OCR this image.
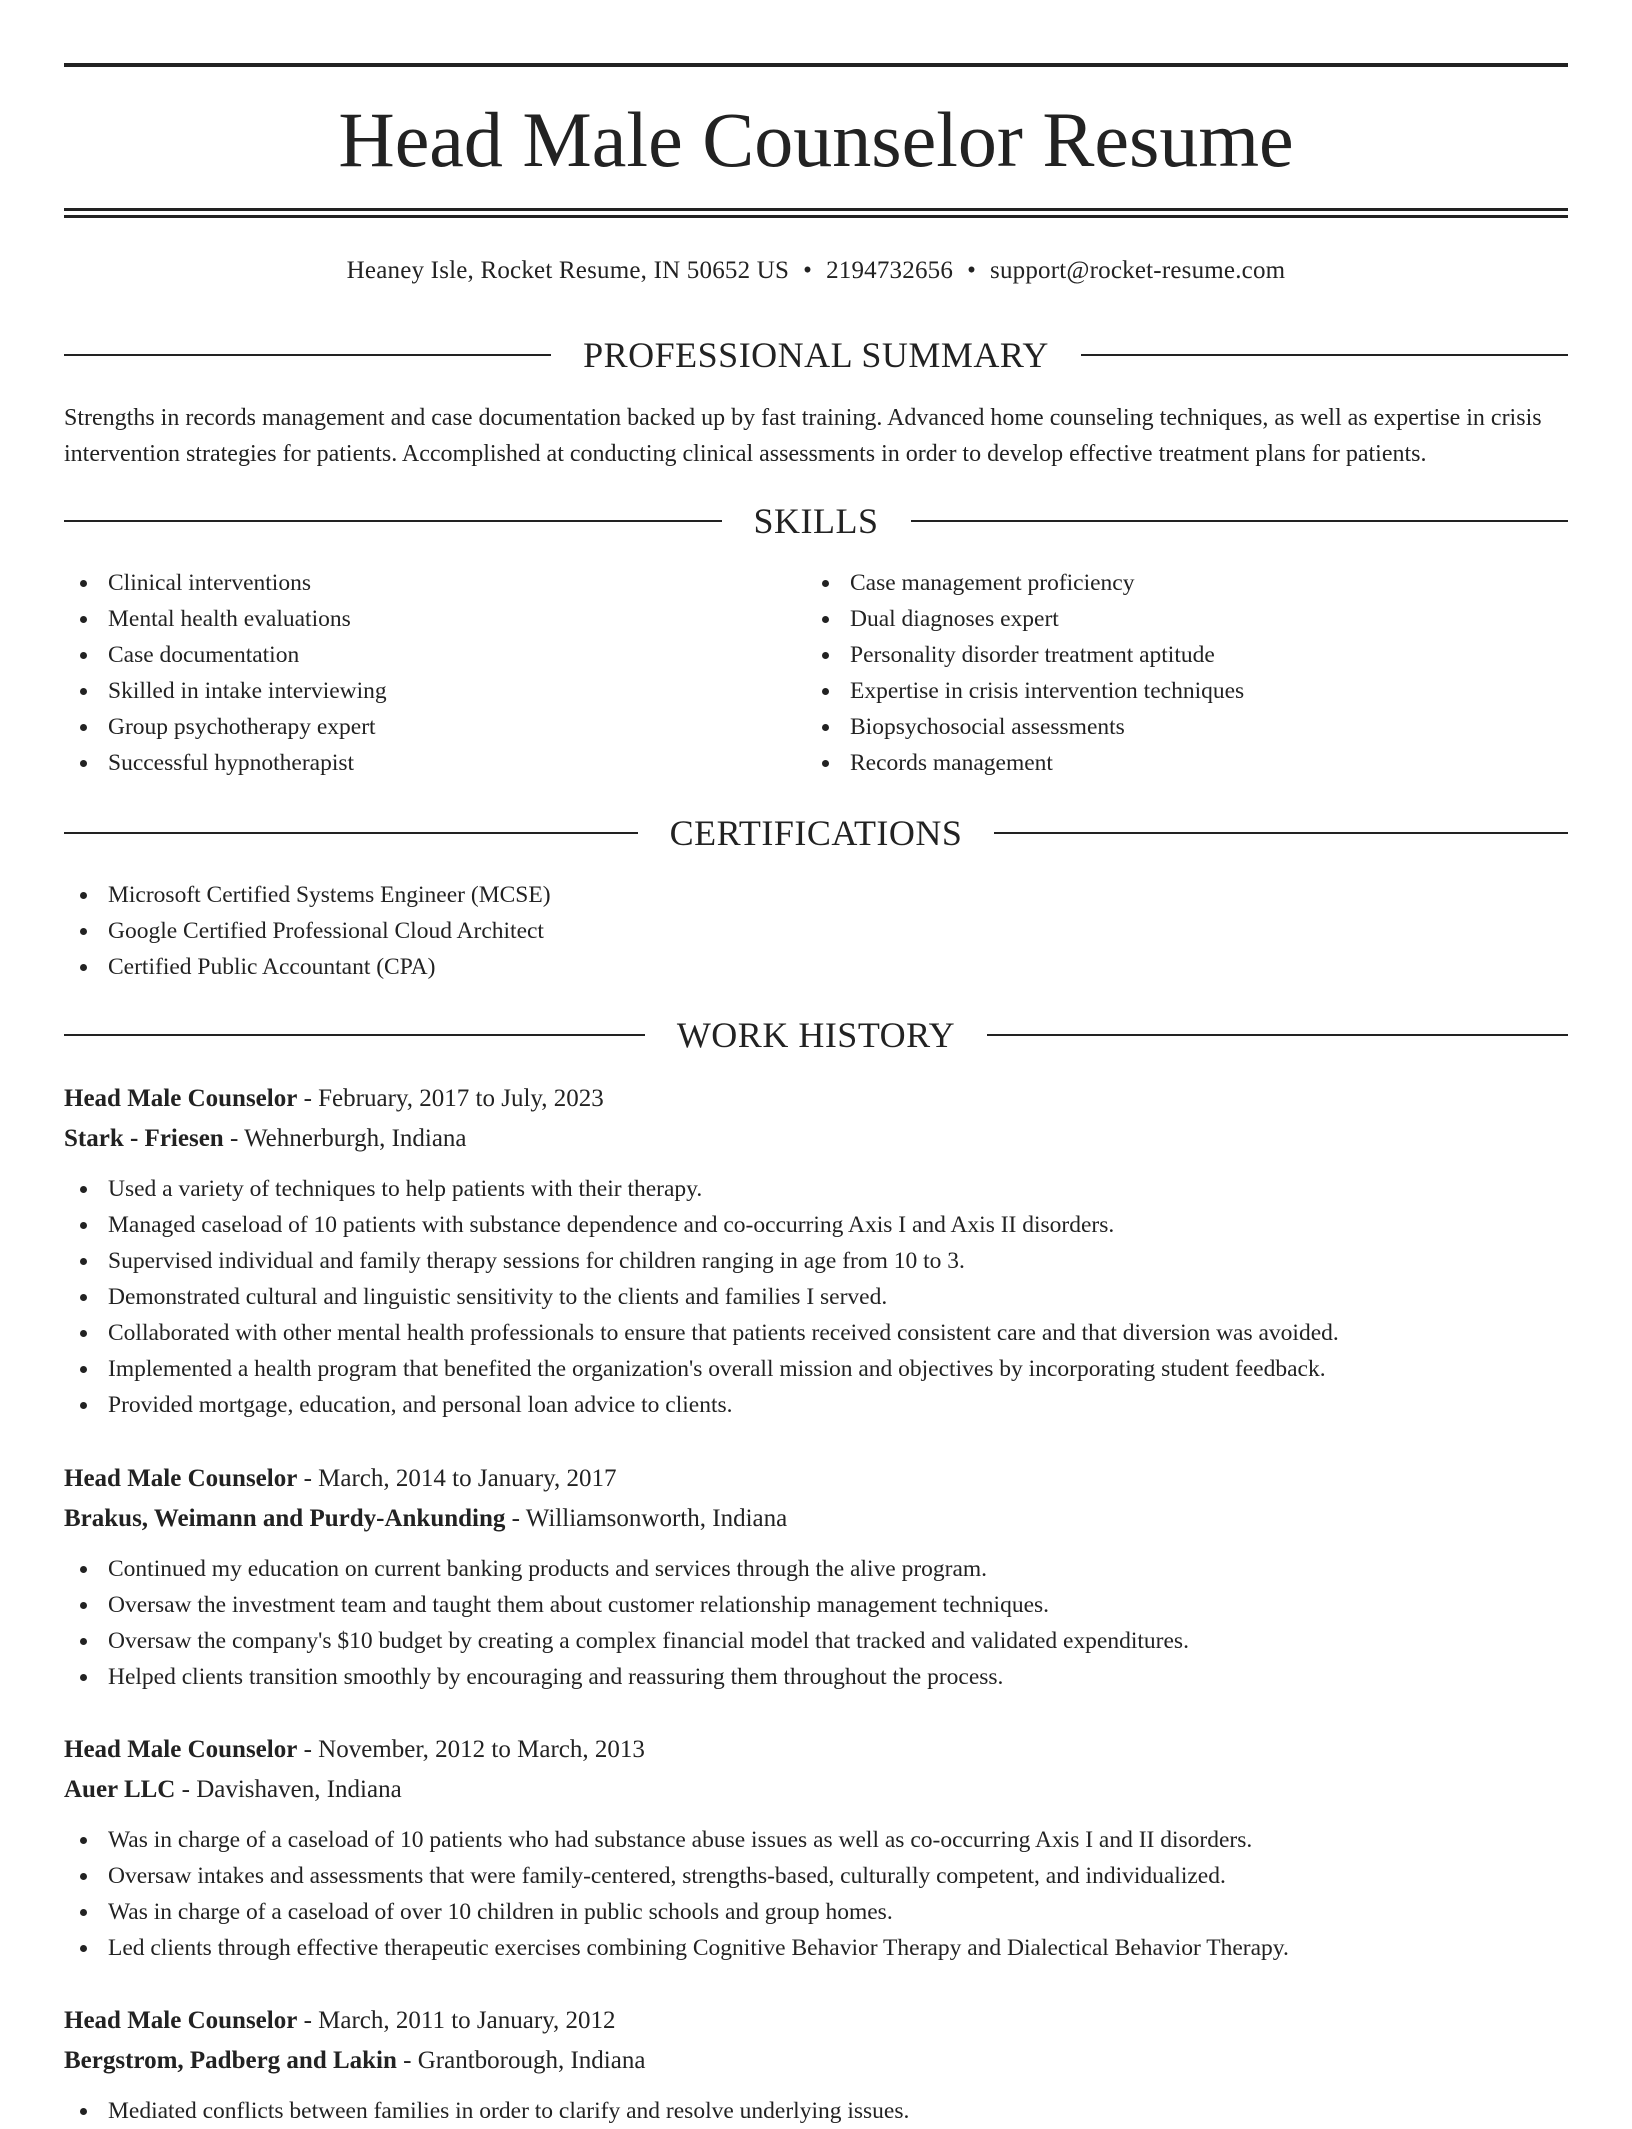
Head Male Counselor Resume
Heaney Isle, Rocket Resume, IN 50652 US • 2194732656 • support@rocket-resume.com
PROFESSIONAL SUMMARY
Strengths in records management and case documentation backed up by fast training. Advanced home counseling techniques, as well as expertise in crisis intervention strategies for patients. Accomplished at conducting clinical assessments in order to develop effective treatment plans for patients.
SKILLS
Clinical interventions
Mental health evaluations
Case documentation
Skilled in intake interviewing
Group psychotherapy expert
Successful hypnotherapist
Case management proficiency
Dual diagnoses expert
Personality disorder treatment aptitude
Expertise in crisis intervention techniques
Biopsychosocial assessments
Records management
CERTIFICATIONS
Microsoft Certified Systems Engineer (MCSE)
Google Certified Professional Cloud Architect
Certified Public Accountant (CPA)
WORK HISTORY
Head Male Counselor - February, 2017 to July, 2023
Stark - Friesen - Wehnerburgh, Indiana
Used a variety of techniques to help patients with their therapy.
Managed caseload of 10 patients with substance dependence and co-occurring Axis I and Axis II disorders.
Supervised individual and family therapy sessions for children ranging in age from 10 to 3.
Demonstrated cultural and linguistic sensitivity to the clients and families I served.
Collaborated with other mental health professionals to ensure that patients received consistent care and that diversion was avoided.
Implemented a health program that benefited the organization's overall mission and objectives by incorporating student feedback.
Provided mortgage, education, and personal loan advice to clients.
Head Male Counselor - March, 2014 to January, 2017
Brakus, Weimann and Purdy-Ankunding - Williamsonworth, Indiana
Continued my education on current banking products and services through the alive program.
Oversaw the investment team and taught them about customer relationship management techniques.
Oversaw the company's $10 budget by creating a complex financial model that tracked and validated expenditures.
Helped clients transition smoothly by encouraging and reassuring them throughout the process.
Head Male Counselor - November, 2012 to March, 2013
Auer LLC - Davishaven, Indiana
Was in charge of a caseload of 10 patients who had substance abuse issues as well as co-occurring Axis I and II disorders.
Oversaw intakes and assessments that were family-centered, strengths-based, culturally competent, and individualized.
Was in charge of a caseload of over 10 children in public schools and group homes.
Led clients through effective therapeutic exercises combining Cognitive Behavior Therapy and Dialectical Behavior Therapy.
Head Male Counselor - March, 2011 to January, 2012
Bergstrom, Padberg and Lakin - Grantborough, Indiana
Mediated conflicts between families in order to clarify and resolve underlying issues.
